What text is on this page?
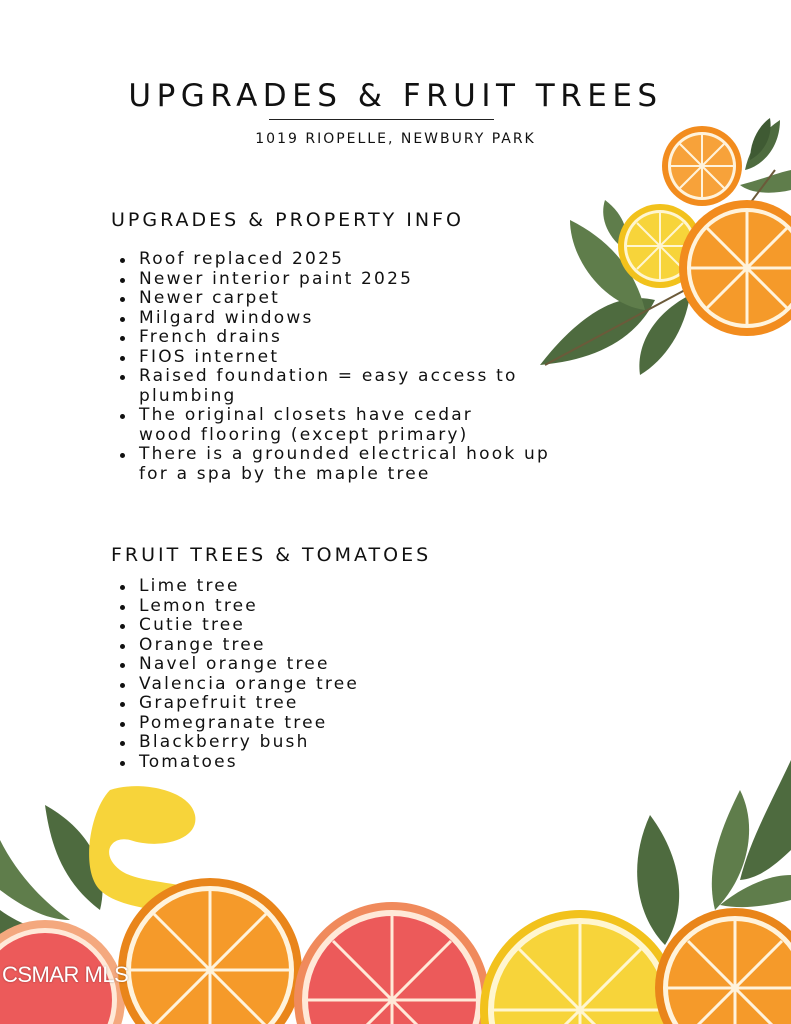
UPGRADES & FRUIT TREES

1019 RIOPELLE, NEWBURY PARK

UPGRADES & PROPERTY INFO
Roof replaced 2025
Newer interior paint 2025
Newer carpet
Milgard windows
French drains
FIOS internet
Raised foundation = easy access to plumbing
The original closets have cedar wood flooring (except primary)
There is a grounded electrical hook up for a spa by the maple tree
FRUIT TREES & TOMATOES
Lime tree
Lemon tree
Cutie tree
Orange tree
Navel orange tree
Valencia orange tree
Grapefruit tree
Pomegranate tree
Blackberry bush
Tomatoes
CSMAR MLS
